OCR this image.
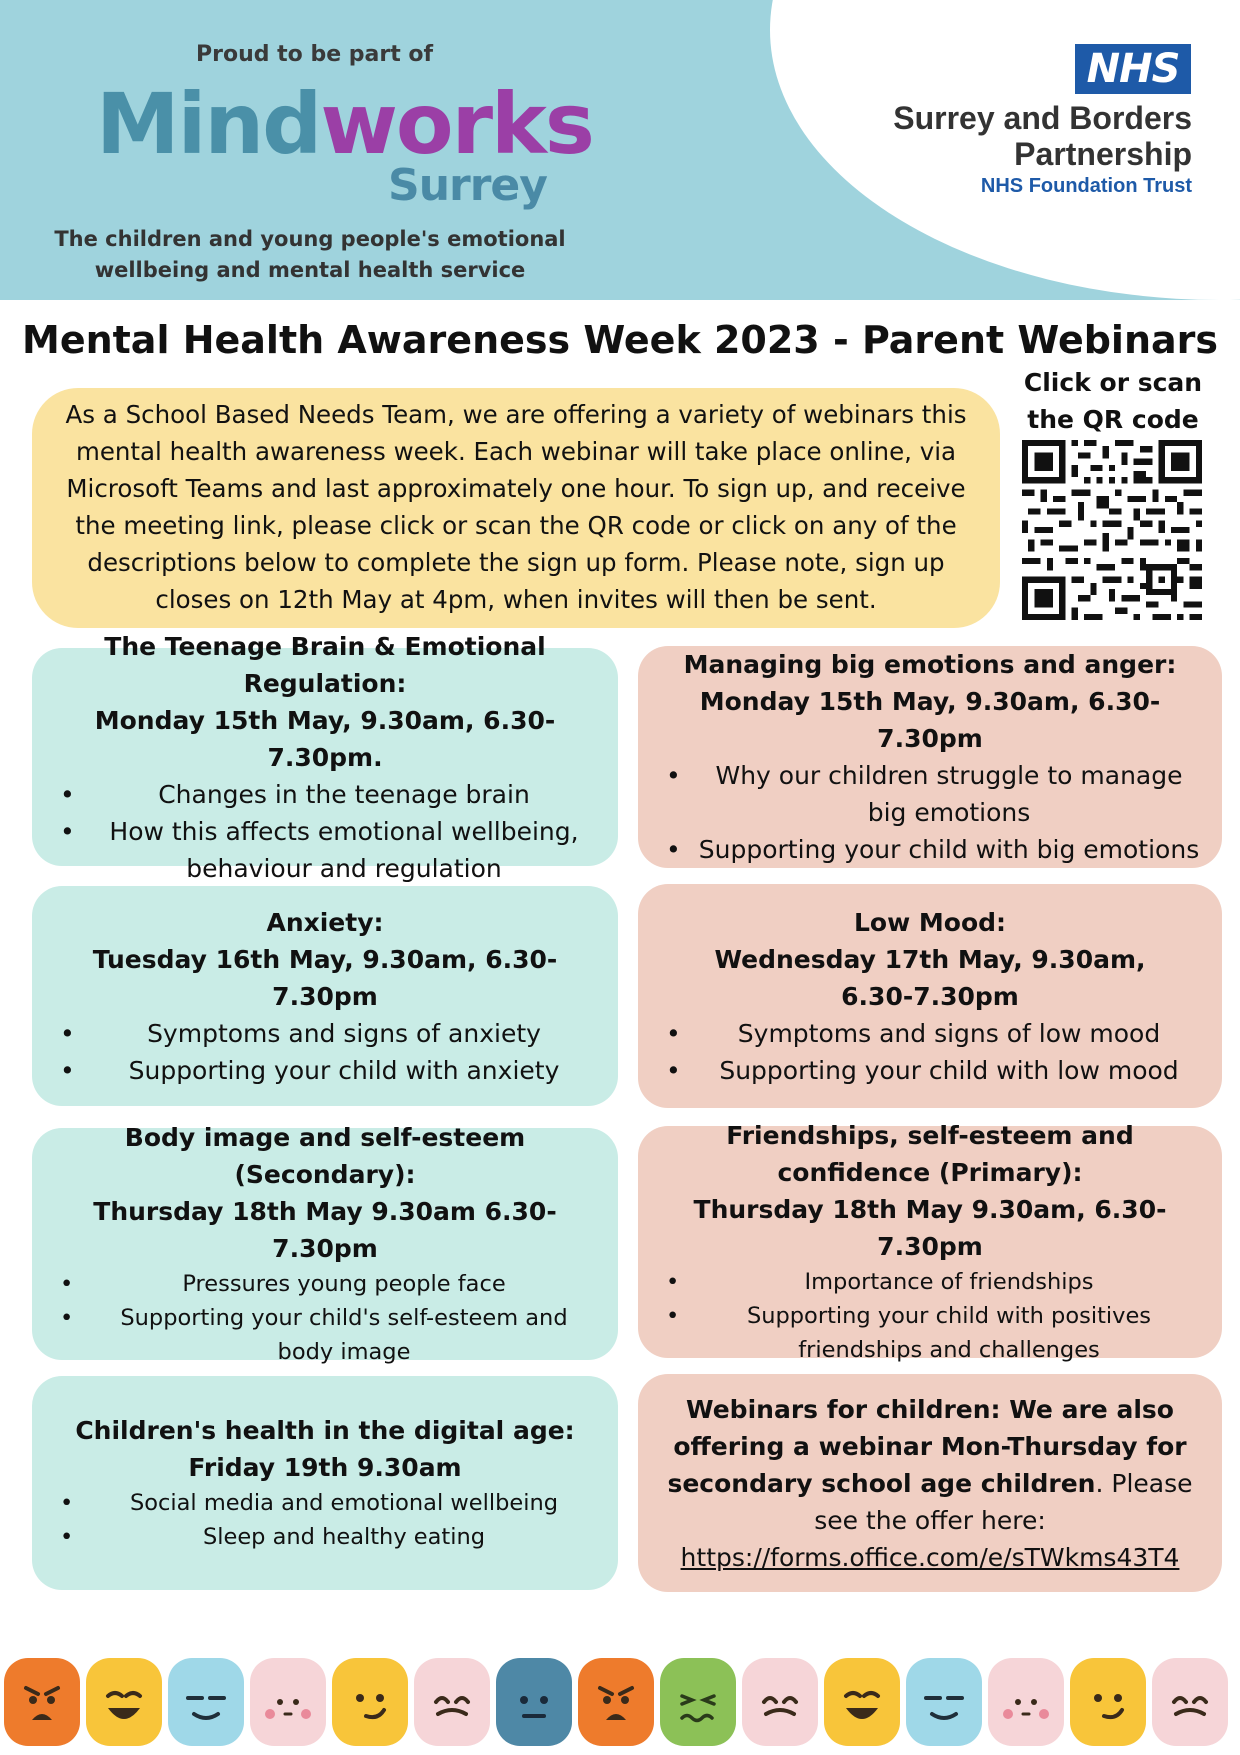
Proud to be part of
Mindworks
Surrey
The children and young people's emotional wellbeing and mental health service
NHS
Surrey and Borders
Partnership
NHS Foundation Trust
Mental Health Awareness Week 2023 - Parent Webinars
As a School Based Needs Team, we are offering a variety of webinars this mental health awareness week. Each webinar will take place online, via Microsoft Teams and last approximately one hour. To sign up, and receive the meeting link, please click or scan the QR code or click on any of the descriptions below to complete the sign up form. Please note, sign up closes on 12th May at 4pm, when invites will then be sent.
Click or scan the QR code
The Teenage Brain & Emotional Regulation:
Monday 15th May, 9.30am, 6.30-7.30pm.
• Changes in the teenage brain
• How this affects emotional wellbeing, behaviour and regulation
Managing big emotions and anger:
Monday 15th May, 9.30am, 6.30-7.30pm
• Why our children struggle to manage big emotions
• Supporting your child with big emotions
Anxiety:
Tuesday 16th May, 9.30am, 6.30-7.30pm
• Symptoms and signs of anxiety
• Supporting your child with anxiety
Low Mood:
Wednesday 17th May, 9.30am, 6.30-7.30pm
• Symptoms and signs of low mood
• Supporting your child with low mood
Body image and self-esteem (Secondary):
Thursday 18th May 9.30am 6.30-7.30pm
• Pressures young people face
• Supporting your child's self-esteem and body image
Friendships, self-esteem and confidence (Primary):
Thursday 18th May 9.30am, 6.30-7.30pm
• Importance of friendships
• Supporting your child with positives friendships and challenges
Children's health in the digital age:
Friday 19th 9.30am
• Social media and emotional wellbeing
• Sleep and healthy eating
Webinars for children: We are also offering a webinar Mon-Thursday for secondary school age children. Please see the offer here:
https://forms.office.com/e/sTWkms43T4
